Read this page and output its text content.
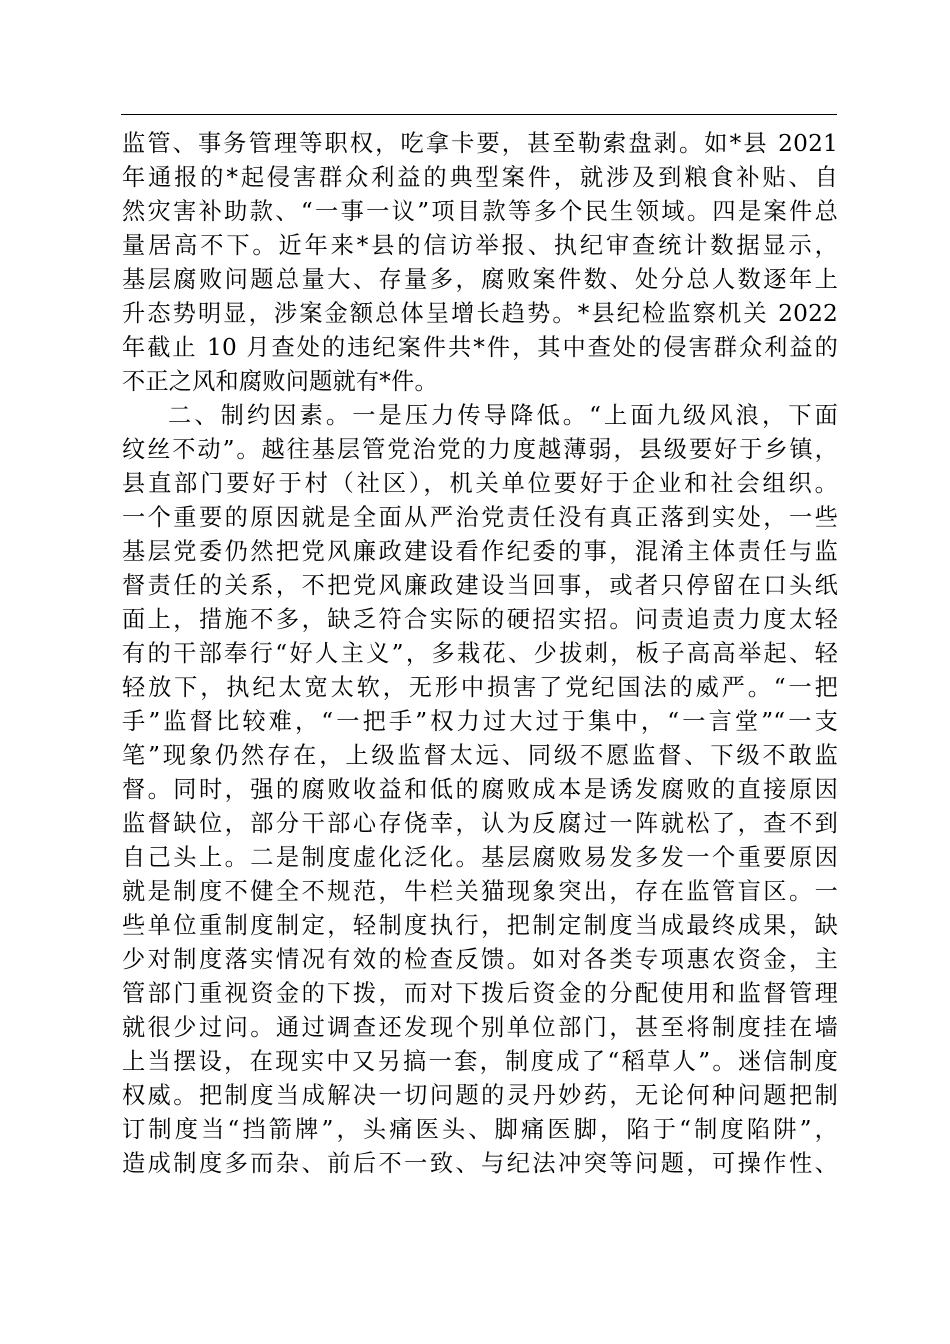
监管、事务管理等职权，吃拿卡要，甚至勒索盘剥。如*县 2021
年通报的*起侵害群众利益的典型案件，就涉及到粮食补贴、自
然灾害补助款、“一事一议”项目款等多个民生领域。四是案件总
量居高不下。近年来*县的信访举报、执纪审查统计数据显示，
基层腐败问题总量大、存量多，腐败案件数、处分总人数逐年上
升态势明显，涉案金额总体呈增长趋势。*县纪检监察机关 2022
年截止 10 月查处的违纪案件共*件，其中查处的侵害群众利益的
不正之风和腐败问题就有*件。
二、制约因素。一是压力传导降低。“上面九级风浪，下面
纹丝不动”。越往基层管党治党的力度越薄弱，县级要好于乡镇，
县直部门要好于村（社区），机关单位要好于企业和社会组织。
一个重要的原因就是全面从严治党责任没有真正落到实处，一些
基层党委仍然把党风廉政建设看作纪委的事，混淆主体责任与监
督责任的关系，不把党风廉政建设当回事，或者只停留在口头纸
面上，措施不多，缺乏符合实际的硬招实招。问责追责力度太轻
有的干部奉行“好人主义”，多栽花、少拔刺，板子高高举起、轻
轻放下，执纪太宽太软，无形中损害了党纪国法的威严。“一把
手”监督比较难，“一把手”权力过大过于集中，“一言堂”“一支
笔”现象仍然存在，上级监督太远、同级不愿监督、下级不敢监
督。同时，强的腐败收益和低的腐败成本是诱发腐败的直接原因
监督缺位，部分干部心存侥幸，认为反腐过一阵就松了，查不到
自己头上。二是制度虚化泛化。基层腐败易发多发一个重要原因
就是制度不健全不规范，牛栏关猫现象突出，存在监管盲区。一
些单位重制度制定，轻制度执行，把制定制度当成最终成果，缺
少对制度落实情况有效的检查反馈。如对各类专项惠农资金，主
管部门重视资金的下拨，而对下拨后资金的分配使用和监督管理
就很少过问。通过调查还发现个别单位部门，甚至将制度挂在墙
上当摆设，在现实中又另搞一套，制度成了“稻草人”。迷信制度
权威。把制度当成解决一切问题的灵丹妙药，无论何种问题把制
订制度当“挡箭牌”，头痛医头、脚痛医脚，陷于“制度陷阱”，
造成制度多而杂、前后不一致、与纪法冲突等问题，可操作性、
